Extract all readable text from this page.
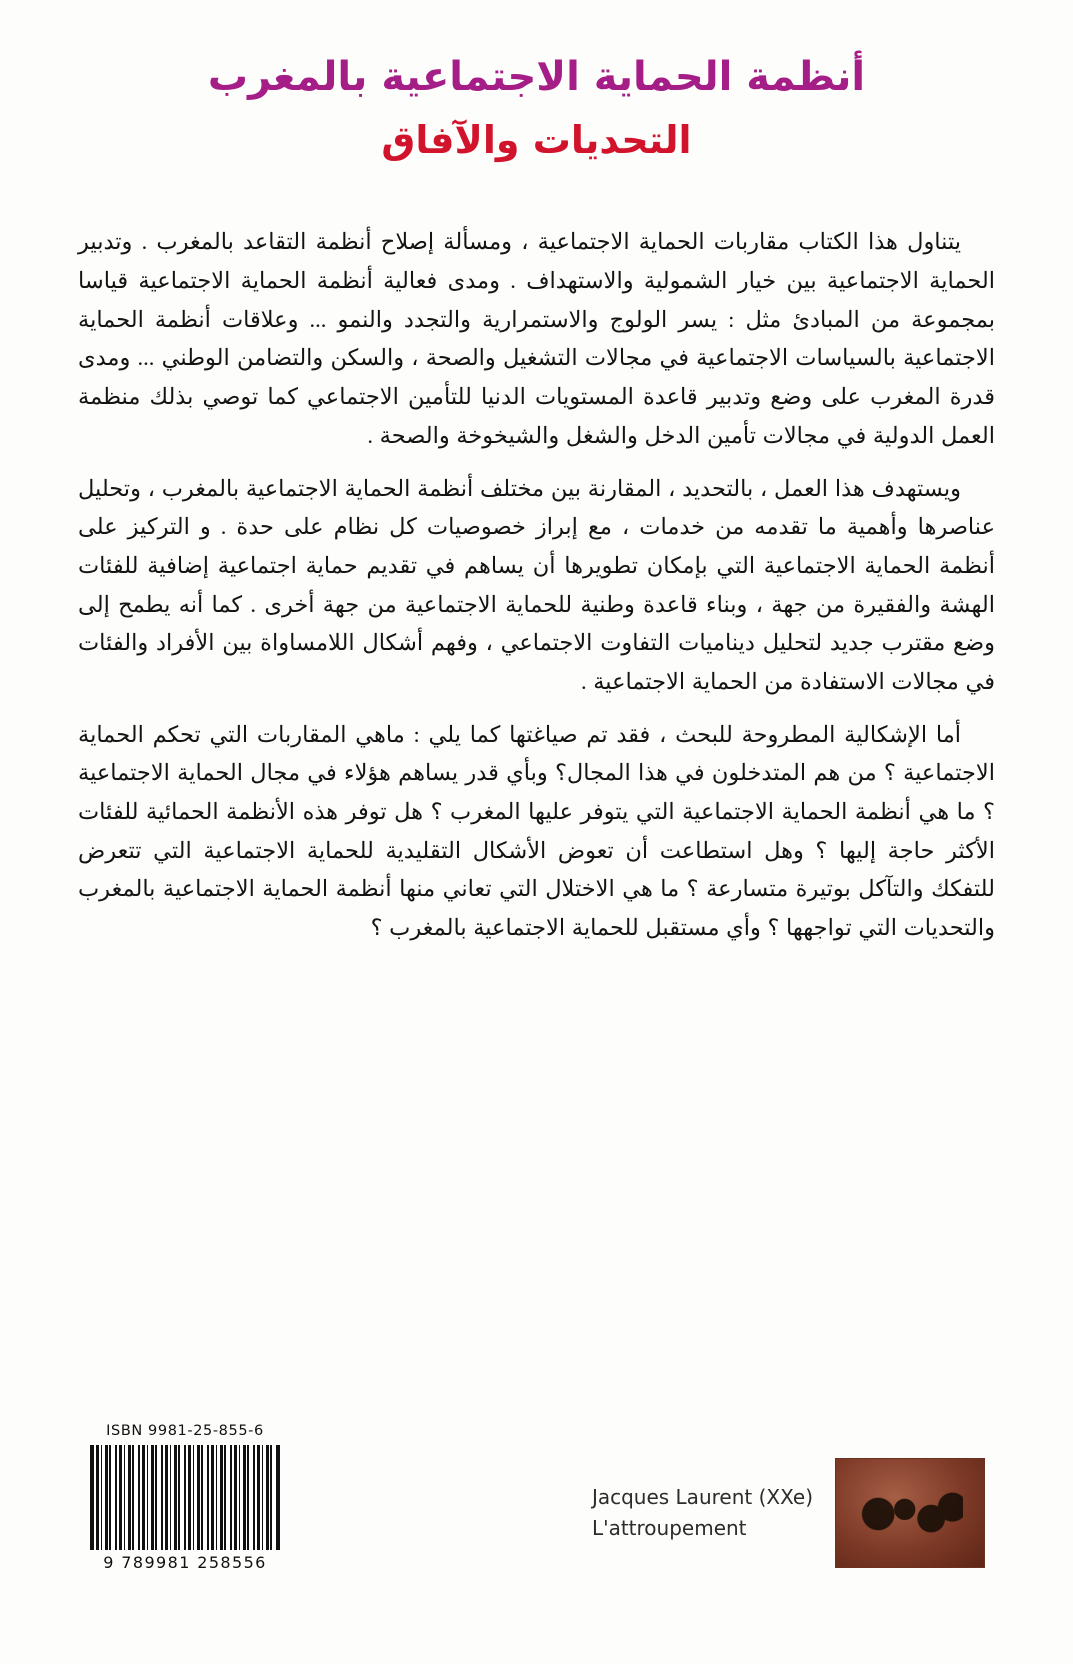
أنظمة الحماية الاجتماعية بالمغرب
التحديات والآفاق

يتناول هذا الكتاب مقاربات الحماية الاجتماعية ، ومسألة إصلاح أنظمة التقاعد بالمغرب . وتدبير الحماية الاجتماعية بين خيار الشمولية والاستهداف . ومدى فعالية أنظمة الحماية الاجتماعية قياسا بمجموعة من المبادئ مثل : يسر الولوج والاستمرارية والتجدد والنمو ... وعلاقات أنظمة الحماية الاجتماعية بالسياسات الاجتماعية في مجالات التشغيل والصحة ، والسكن والتضامن الوطني ... ومدى قدرة المغرب على وضع وتدبير قاعدة المستويات الدنيا للتأمين الاجتماعي كما توصي بذلك منظمة العمل الدولية في مجالات تأمين الدخل والشغل والشيخوخة والصحة .

ويستهدف هذا العمل ، بالتحديد ، المقارنة بين مختلف أنظمة الحماية الاجتماعية بالمغرب ، وتحليل عناصرها وأهمية ما تقدمه من خدمات ، مع إبراز خصوصيات كل نظام على حدة . و التركيز على أنظمة الحماية الاجتماعية التي بإمكان تطويرها أن يساهم في تقديم حماية اجتماعية إضافية للفئات الهشة والفقيرة من جهة ، وبناء قاعدة وطنية للحماية الاجتماعية من جهة أخرى . كما أنه يطمح إلى وضع مقترب جديد لتحليل ديناميات التفاوت الاجتماعي ، وفهم أشكال اللامساواة بين الأفراد والفئات في مجالات الاستفادة من الحماية الاجتماعية .

أما الإشكالية المطروحة للبحث ، فقد تم صياغتها كما يلي : ماهي المقاربات التي تحكم الحماية الاجتماعية ؟ من هم المتدخلون في هذا المجال؟ وبأي قدر يساهم هؤلاء في مجال الحماية الاجتماعية ؟ ما هي أنظمة الحماية الاجتماعية التي يتوفر عليها المغرب ؟ هل توفر هذه الأنظمة الحمائية للفئات الأكثر حاجة إليها ؟ وهل استطاعت أن تعوض الأشكال التقليدية للحماية الاجتماعية التي تتعرض للتفكك والتآكل بوتيرة متسارعة ؟ ما هي الاختلال التي تعاني منها أنظمة الحماية الاجتماعية بالمغرب والتحديات التي تواجهها ؟ وأي مستقبل للحماية الاجتماعية بالمغرب ؟

ISBN 9981-25-855-6
9 789981 258556
Jacques Laurent (XXe)
L'attroupement
